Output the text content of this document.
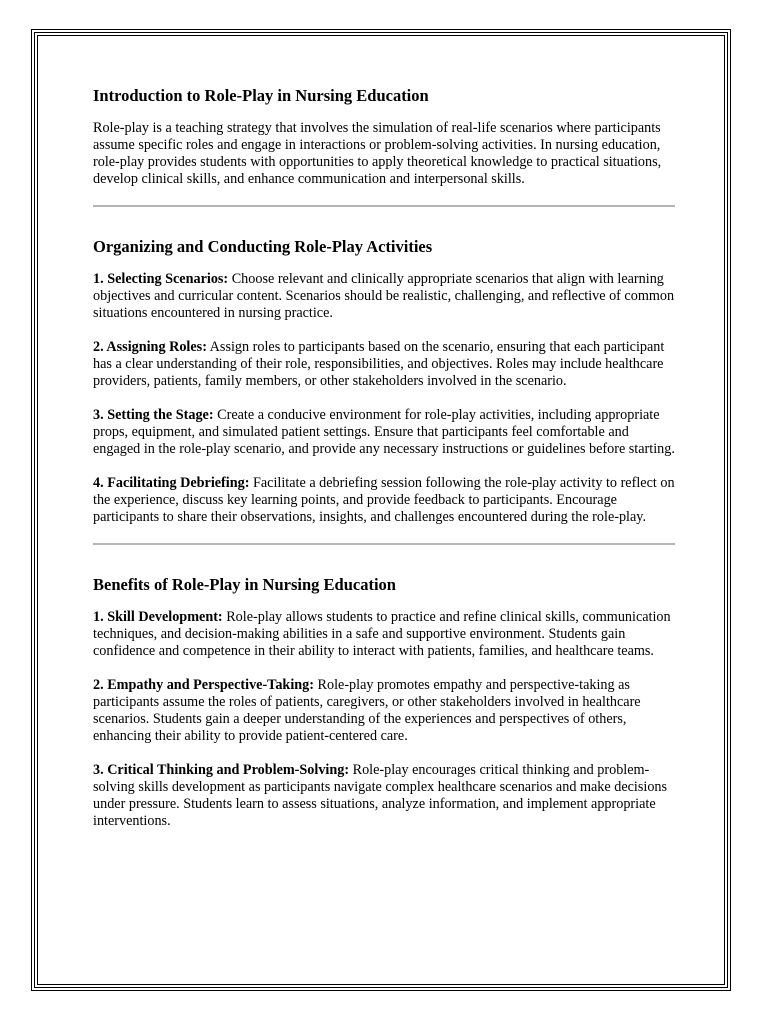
Introduction to Role-Play in Nursing Education

Role-play is a teaching strategy that involves the simulation of real-life scenarios where participants assume specific roles and engage in interactions or problem-solving activities. In nursing education, role-play provides students with opportunities to apply theoretical knowledge to practical situations, develop clinical skills, and enhance communication and interpersonal skills.

Organizing and Conducting Role-Play Activities

1. Selecting Scenarios: Choose relevant and clinically appropriate scenarios that align with learning objectives and curricular content. Scenarios should be realistic, challenging, and reflective of common situations encountered in nursing practice.

2. Assigning Roles: Assign roles to participants based on the scenario, ensuring that each participant has a clear understanding of their role, responsibilities, and objectives. Roles may include healthcare providers, patients, family members, or other stakeholders involved in the scenario.

3. Setting the Stage: Create a conducive environment for role-play activities, including appropriate props, equipment, and simulated patient settings. Ensure that participants feel comfortable and engaged in the role-play scenario, and provide any necessary instructions or guidelines before starting.

4. Facilitating Debriefing: Facilitate a debriefing session following the role-play activity to reflect on the experience, discuss key learning points, and provide feedback to participants. Encourage participants to share their observations, insights, and challenges encountered during the role-play.

Benefits of Role-Play in Nursing Education

1. Skill Development: Role-play allows students to practice and refine clinical skills, communication techniques, and decision-making abilities in a safe and supportive environment. Students gain confidence and competence in their ability to interact with patients, families, and healthcare teams.

2. Empathy and Perspective-Taking: Role-play promotes empathy and perspective-taking as participants assume the roles of patients, caregivers, or other stakeholders involved in healthcare scenarios. Students gain a deeper understanding of the experiences and perspectives of others, enhancing their ability to provide patient-centered care.

3. Critical Thinking and Problem-Solving: Role-play encourages critical thinking and problem-solving skills development as participants navigate complex healthcare scenarios and make decisions under pressure. Students learn to assess situations, analyze information, and implement appropriate interventions.
